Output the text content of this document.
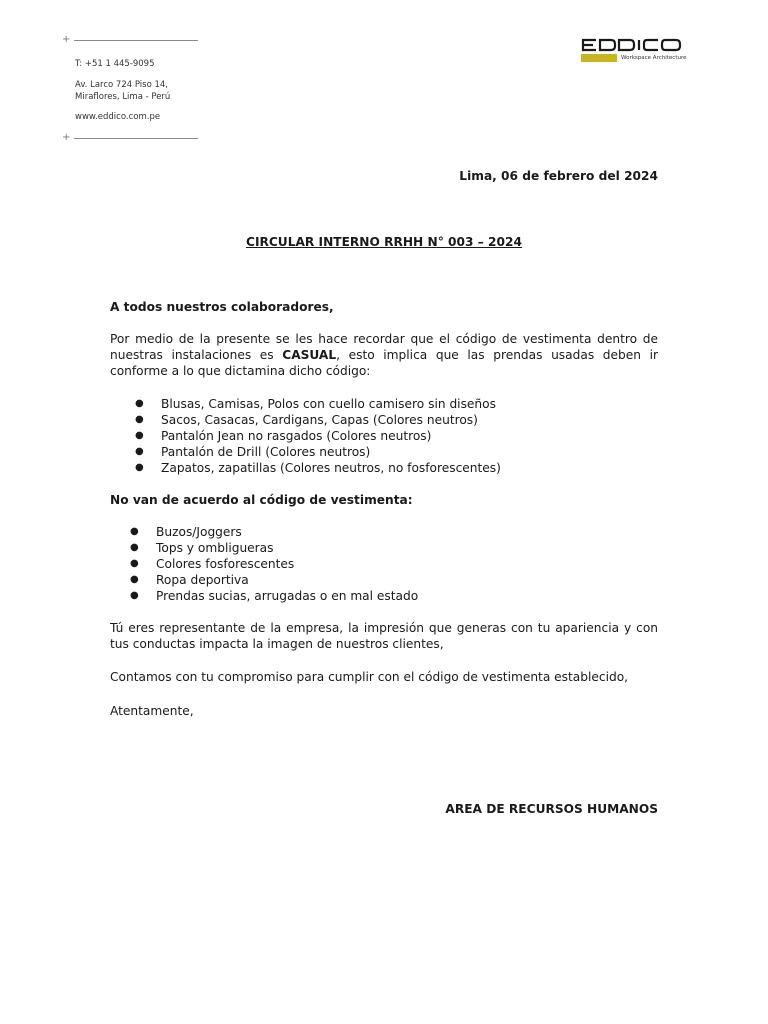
+

T: +51 1 445-9095

Av. Larco 724 Piso 14,

Miraflores, Lima - Perú

www.eddico.com.pe

+
Workspace Architecture

Lima, 06 de febrero del 2024

CIRCULAR INTERNO RRHH N° 003 – 2024

A todos nuestros colaboradores,

Por medio de la presente se les hace recordar que el código de vestimenta dentro de nuestras instalaciones es CASUAL, esto implica que las prendas usadas deben ir conforme a lo que dictamina dicho código:

● Blusas, Camisas, Polos con cuello camisero sin diseños
● Sacos, Casacas, Cardigans, Capas (Colores neutros)
● Pantalón Jean no rasgados (Colores neutros)
● Pantalón de Drill (Colores neutros)
● Zapatos, zapatillas (Colores neutros, no fosforescentes)

No van de acuerdo al código de vestimenta:

● Buzos/Joggers
● Tops y ombligueras
● Colores fosforescentes
● Ropa deportiva
● Prendas sucias, arrugadas o en mal estado

Tú eres representante de la empresa, la impresión que generas con tu apariencia y con tus conductas impacta la imagen de nuestros clientes,

Contamos con tu compromiso para cumplir con el código de vestimenta establecido,

Atentamente,

AREA DE RECURSOS HUMANOS
